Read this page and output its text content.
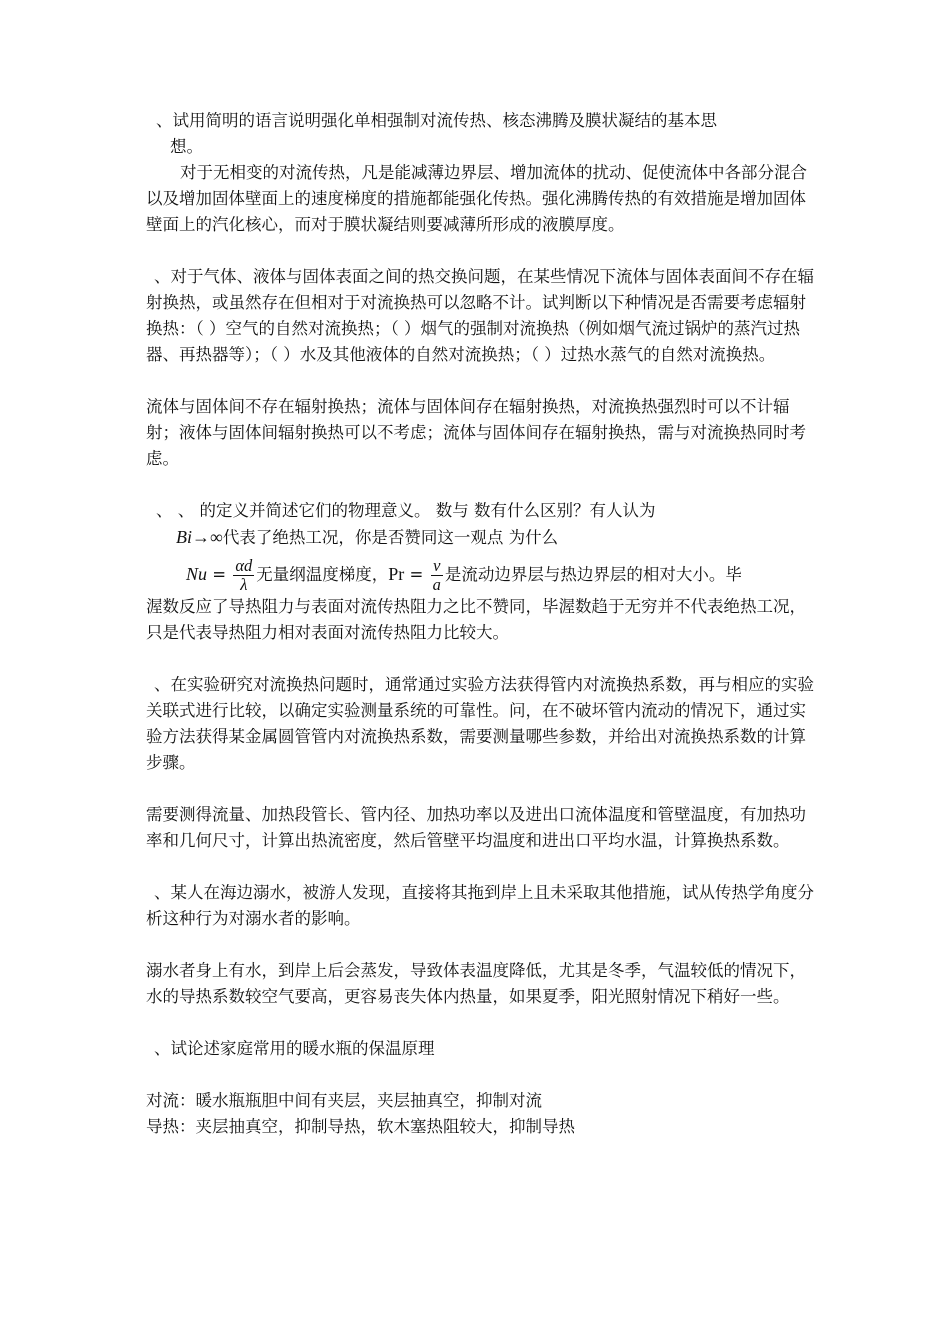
、试用简明的语言说明强化单相强制对流传热、核态沸腾及膜状凝结的基本思
想。

对于无相变的对流传热，凡是能减薄边界层、增加流体的扰动、促使流体中各部分混合以及增加固体壁面上的速度梯度的措施都能强化传热。强化沸腾传热的有效措施是增加固体壁面上的汽化核心，而对于膜状凝结则要减薄所形成的液膜厚度。

、对于气体、液体与固体表面之间的热交换问题，在某些情况下流体与固体表面间不存在辐射换热，或虽然存在但相对于对流换热可以忽略不计。试判断以下种情况是否需要考虑辐射换热：（ ）空气的自然对流换热；（ ）烟气的强制对流换热（例如烟气流过锅炉的蒸汽过热器、再热器等）；（ ）水及其他液体的自然对流换热；（ ）过热水蒸气的自然对流换热。

流体与固体间不存在辐射换热；流体与固体间存在辐射换热，对流换热强烈时可以不计辐射；液体与固体间辐射换热可以不考虑；流体与固体间存在辐射换热，需与对流换热同时考虑。

、 、 的定义并简述它们的物理意义。 数与 数有什么区别？有人认为
Bi→∞代表了绝热工况，你是否赞同这一观点 为什么
$Nu = \frac{\alpha d}{\lambda}$ 无量纲温度梯度，$Pr = \frac{\nu}{a}$ 是流动边界层与热边界层的相对大小。毕

渥数反应了导热阻力与表面对流传热阻力之比不赞同，毕渥数趋于无穷并不代表绝热工况，只是代表导热阻力相对表面对流传热阻力比较大。

、在实验研究对流换热问题时，通常通过实验方法获得管内对流换热系数，再与相应的实验关联式进行比较，以确定实验测量系统的可靠性。问，在不破坏管内流动的情况下，通过实验方法获得某金属圆管管内对流换热系数，需要测量哪些参数，并给出对流换热系数的计算步骤。

需要测得流量、加热段管长、管内径、加热功率以及进出口流体温度和管壁温度，有加热功率和几何尺寸，计算出热流密度，然后管壁平均温度和进出口平均水温，计算换热系数。

、某人在海边溺水，被游人发现，直接将其拖到岸上且未采取其他措施，试从传热学角度分析这种行为对溺水者的影响。

溺水者身上有水，到岸上后会蒸发，导致体表温度降低，尤其是冬季，气温较低的情况下，水的导热系数较空气要高，更容易丧失体内热量，如果夏季，阳光照射情况下稍好一些。

、试论述家庭常用的暖水瓶的保温原理

对流：暖水瓶瓶胆中间有夹层，夹层抽真空，抑制对流

导热：夹层抽真空，抑制导热，软木塞热阻较大，抑制导热
